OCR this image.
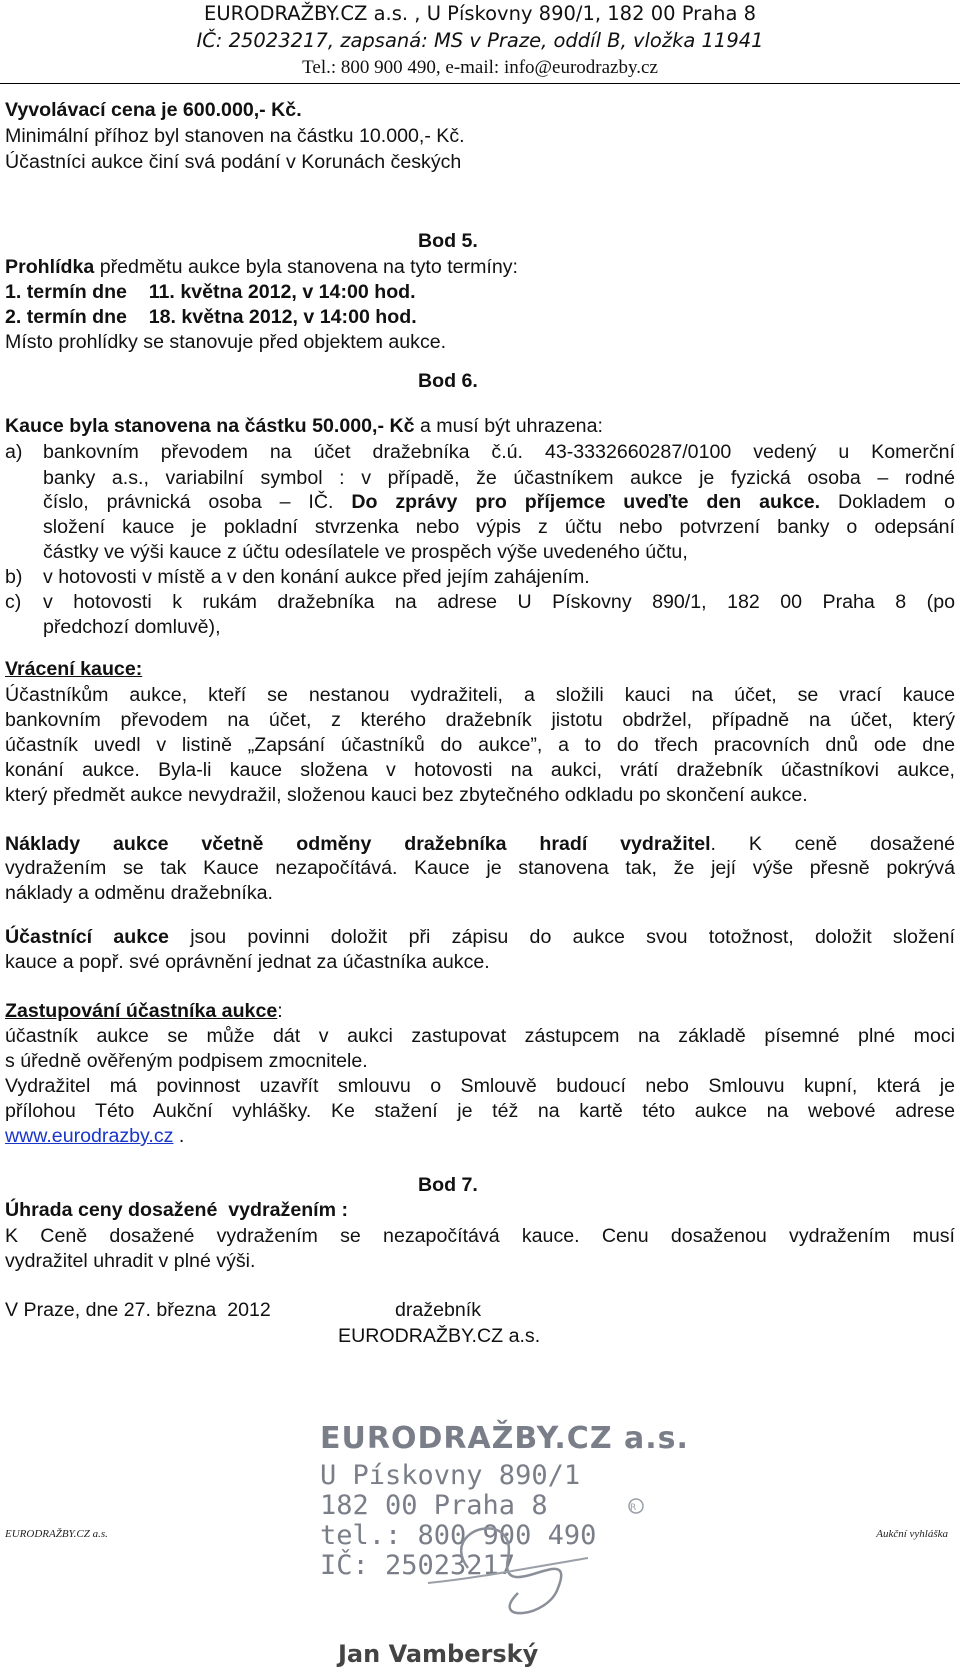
EURODRAŽBY.CZ a.s. , U Pískovny 890/1, 182 00 Praha 8
IČ: 25023217, zapsaná: MS v Praze, oddíl B, vložka 11941
Tel.: 800 900 490, e-mail: info@eurodrazby.cz
Vyvolávací cena je 600.000,- Kč.
Minimální příhoz byl stanoven na částku 10.000,- Kč.
Účastníci aukce činí svá podání v Korunách českých
Bod 5.
Prohlídka předmětu aukce byla stanovena na tyto termíny:
1. termín dne    11. května 2012, v 14:00 hod.
2. termín dne    18. května 2012, v 14:00 hod.
Místo prohlídky se stanovuje před objektem aukce.
Bod 6.
Kauce byla stanovena na částku 50.000,- Kč a musí být uhrazena:
a) bankovním převodem na účet dražebníka č.ú. 43-3332660287/0100 vedený u Komerční
banky a.s., variabilní symbol : v případě, že účastníkem aukce je fyzická osoba – rodné
číslo, právnická osoba – IČ. Do zprávy pro příjemce uveďte den aukce. Dokladem o
složení kauce je pokladní stvrzenka nebo výpis z účtu nebo potvrzení banky o odepsání
částky ve výši kauce z účtu odesílatele ve prospěch výše uvedeného účtu,
b) v hotovosti v místě a v den konání aukce před jejím zahájením.
c) v hotovosti k rukám dražebníka na adrese U Pískovny 890/1, 182 00 Praha 8 (po
předchozí domluvě),
Vrácení kauce:
Účastníkům aukce, kteří se nestanou vydražiteli, a složili kauci na účet, se vrací kauce
bankovním převodem na účet, z kterého dražebník jistotu obdržel, případně na účet, který
účastník uvedl v listině „Zapsání účastníků do aukce”, a to do třech pracovních dnů ode dne
konání aukce. Byla-li kauce složena v hotovosti na aukci, vrátí dražebník účastníkovi aukce,
který předmět aukce nevydražil, složenou kauci bez zbytečného odkladu po skončení aukce.
Náklady aukce včetně odměny dražebníka hradí vydražitel. K ceně dosažené
vydražením se tak Kauce nezapočítává. Kauce je stanovena tak, že její výše přesně pokrývá
náklady a odměnu dražebníka.
Účastnící aukce jsou povinni doložit při zápisu do aukce svou totožnost, doložit složení
kauce a popř. své oprávnění jednat za účastníka aukce.
Zastupování účastníka aukce:
účastník aukce se může dát v aukci zastupovat zástupcem na základě písemné plné moci
s úředně ověřeným podpisem zmocnitele.
Vydražitel má povinnost uzavřít smlouvu o Smlouvě budoucí nebo Smlouvu kupní, která je
přílohou Této Aukční vyhlášky. Ke stažení je též na kartě této aukce na webové adrese
www.eurodrazby.cz .
Bod 7.
Úhrada ceny dosažené  vydražením :
K Ceně dosažené vydražením se nezapočítává kauce. Cenu dosaženou vydražením musí
vydražitel uhradit v plné výši.
V Praze, dne 27. března  2012	dražebník
EURODRAŽBY.CZ a.s.
EURODRAŽBY.CZ a.s.
U Pískovny 890/1
182 00 Praha 8
tel.: 800 900 490
IČ: 25023217
R
Jan Vamberský
EURODRAŽBY.CZ a.s.	Aukční vyhláška
